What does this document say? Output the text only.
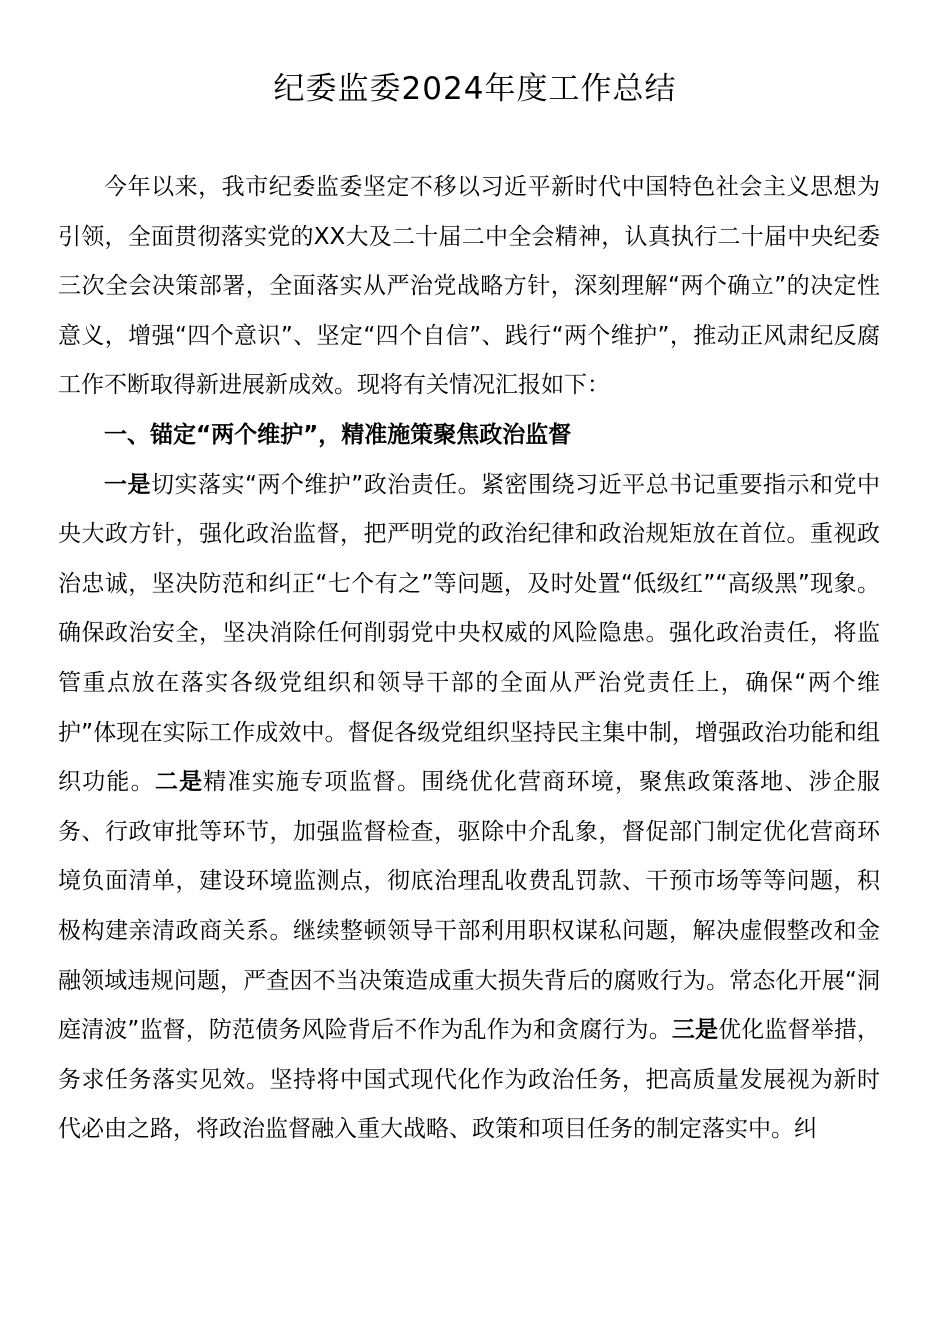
纪委监委2024年度工作总结

今年以来，我市纪委监委坚定不移以习近平新时代中国特色社会主义思想为引领，全面贯彻落实党的XX大及二十届二中全会精神，认真执行二十届中央纪委三次全会决策部署，全面落实从严治党战略方针，深刻理解“两个确立”的决定性意义，增强“四个意识”、坚定“四个自信”、践行“两个维护”，推动正风肃纪反腐工作不断取得新进展新成效。现将有关情况汇报如下：

一、锚定“两个维护”，精准施策聚焦政治监督

一是切实落实“两个维护”政治责任。紧密围绕习近平总书记重要指示和党中央大政方针，强化政治监督，把严明党的政治纪律和政治规矩放在首位。重视政治忠诚，坚决防范和纠正“七个有之”等问题，及时处置“低级红”“高级黑”现象。确保政治安全，坚决消除任何削弱党中央权威的风险隐患。强化政治责任，将监管重点放在落实各级党组织和领导干部的全面从严治党责任上，确保“两个维护”体现在实际工作成效中。督促各级党组织坚持民主集中制，增强政治功能和组织功能。二是精准实施专项监督。围绕优化营商环境，聚焦政策落地、涉企服务、行政审批等环节，加强监督检查，驱除中介乱象，督促部门制定优化营商环境负面清单，建设环境监测点，彻底治理乱收费乱罚款、干预市场等等问题，积极构建亲清政商关系。继续整顿领导干部利用职权谋私问题，解决虚假整改和金融领域违规问题，严查因不当决策造成重大损失背后的腐败行为。常态化开展“洞庭清波”监督，防范债务风险背后不作为乱作为和贪腐行为。三是优化监督举措，务求任务落实见效。坚持将中国式现代化作为政治任务，把高质量发展视为新时代必由之路，将政治监督融入重大战略、政策和项目任务的制定落实中。纠
